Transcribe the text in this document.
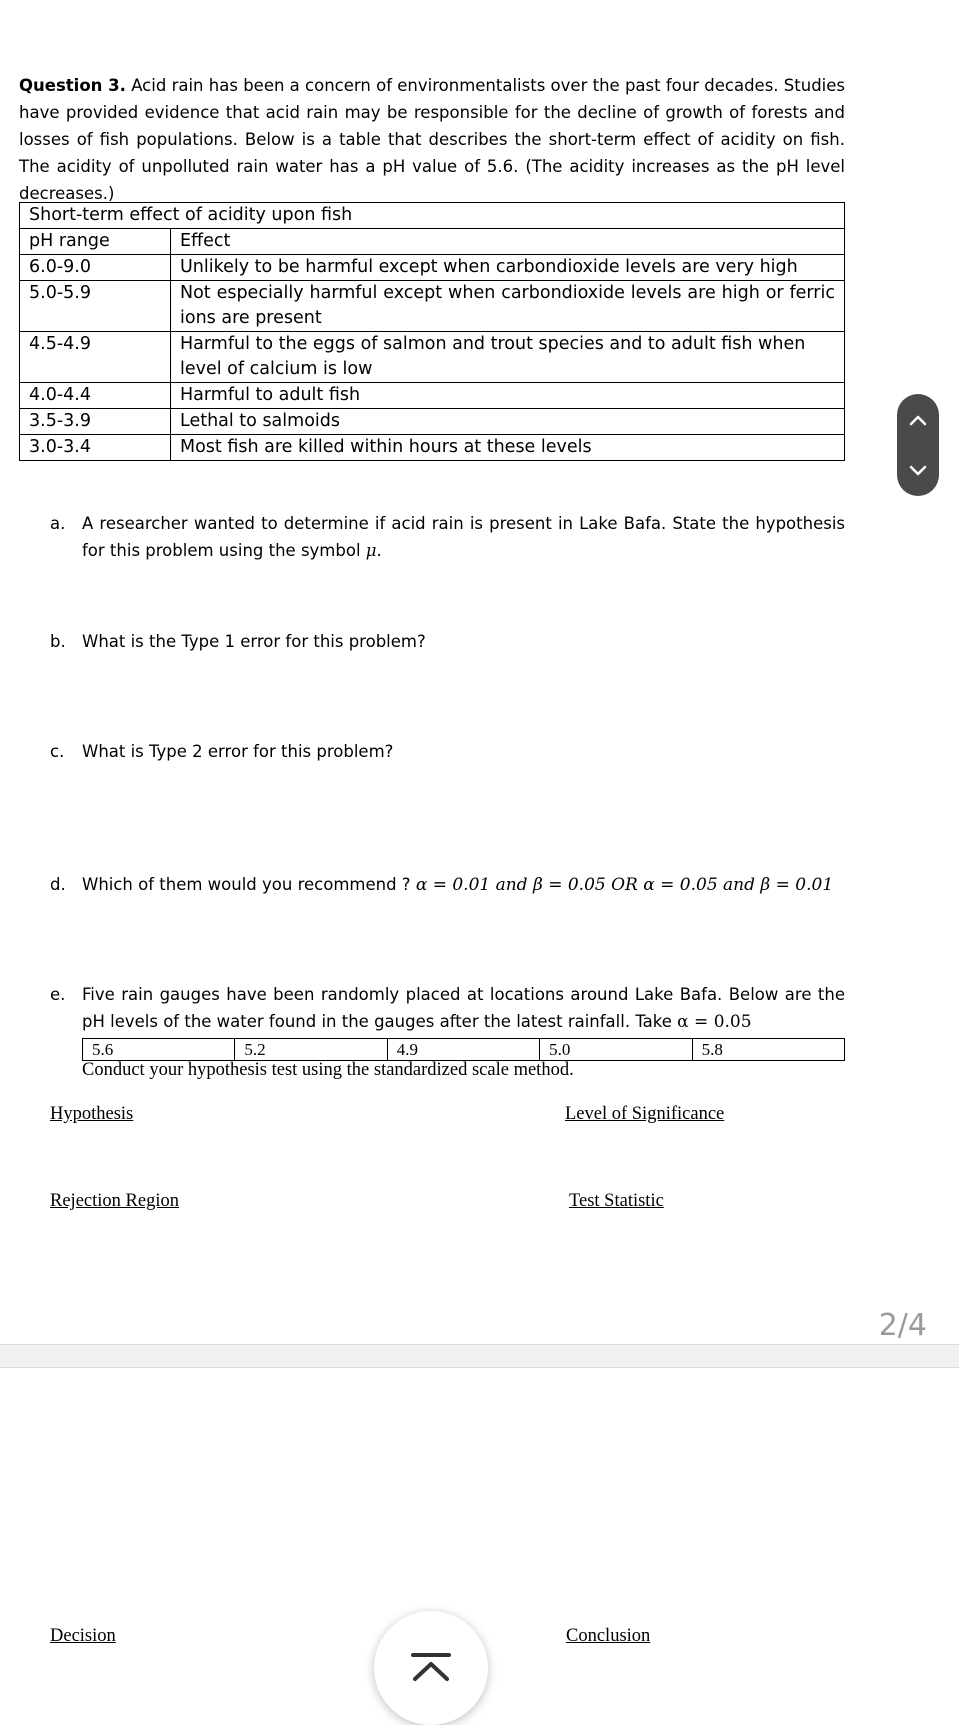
Question 3. Acid rain has been a concern of environmentalists over the past four decades. Studies have provided evidence that acid rain may be responsible for the decline of growth of forests and losses of fish populations. Below is a table that describes the short-term effect of acidity on fish. The acidity of unpolluted rain water has a pH value of 5.6. (The acidity increases as the pH level decreases.)
Short-term effect of acidity upon fish	
pH range	Effect
6.0-9.0	Unlikely to be harmful except when carbondioxide levels are very high
5.0-5.9	Not especially harmful except when carbondioxide levels are high or ferric ions are present
4.5-4.9	Harmful to the eggs of salmon and trout species and to adult fish when level of calcium is low
4.0-4.4	Harmful to adult fish
3.5-3.9	Lethal to salmoids
3.0-3.4	Most fish are killed within hours at these levels
a. A researcher wanted to determine if acid rain is present in Lake Bafa. State the hypothesis for this problem using the symbol μ.
b. What is the Type 1 error for this problem?
c. What is Type 2 error for this problem?
d. Which of them would you recommend ? α = 0.01 and β = 0.05 OR α = 0.05 and β = 0.01
e. Five rain gauges have been randomly placed at locations around Lake Bafa. Below are the pH levels of the water found in the gauges after the latest rainfall. Take α = 0.05
5.6	5.2	4.9	5.0	5.8
Conduct your hypothesis test using the standardized scale method.
Hypothesis	Level of Significance
Rejection Region	Test Statistic
2/4
Decision	Conclusion
